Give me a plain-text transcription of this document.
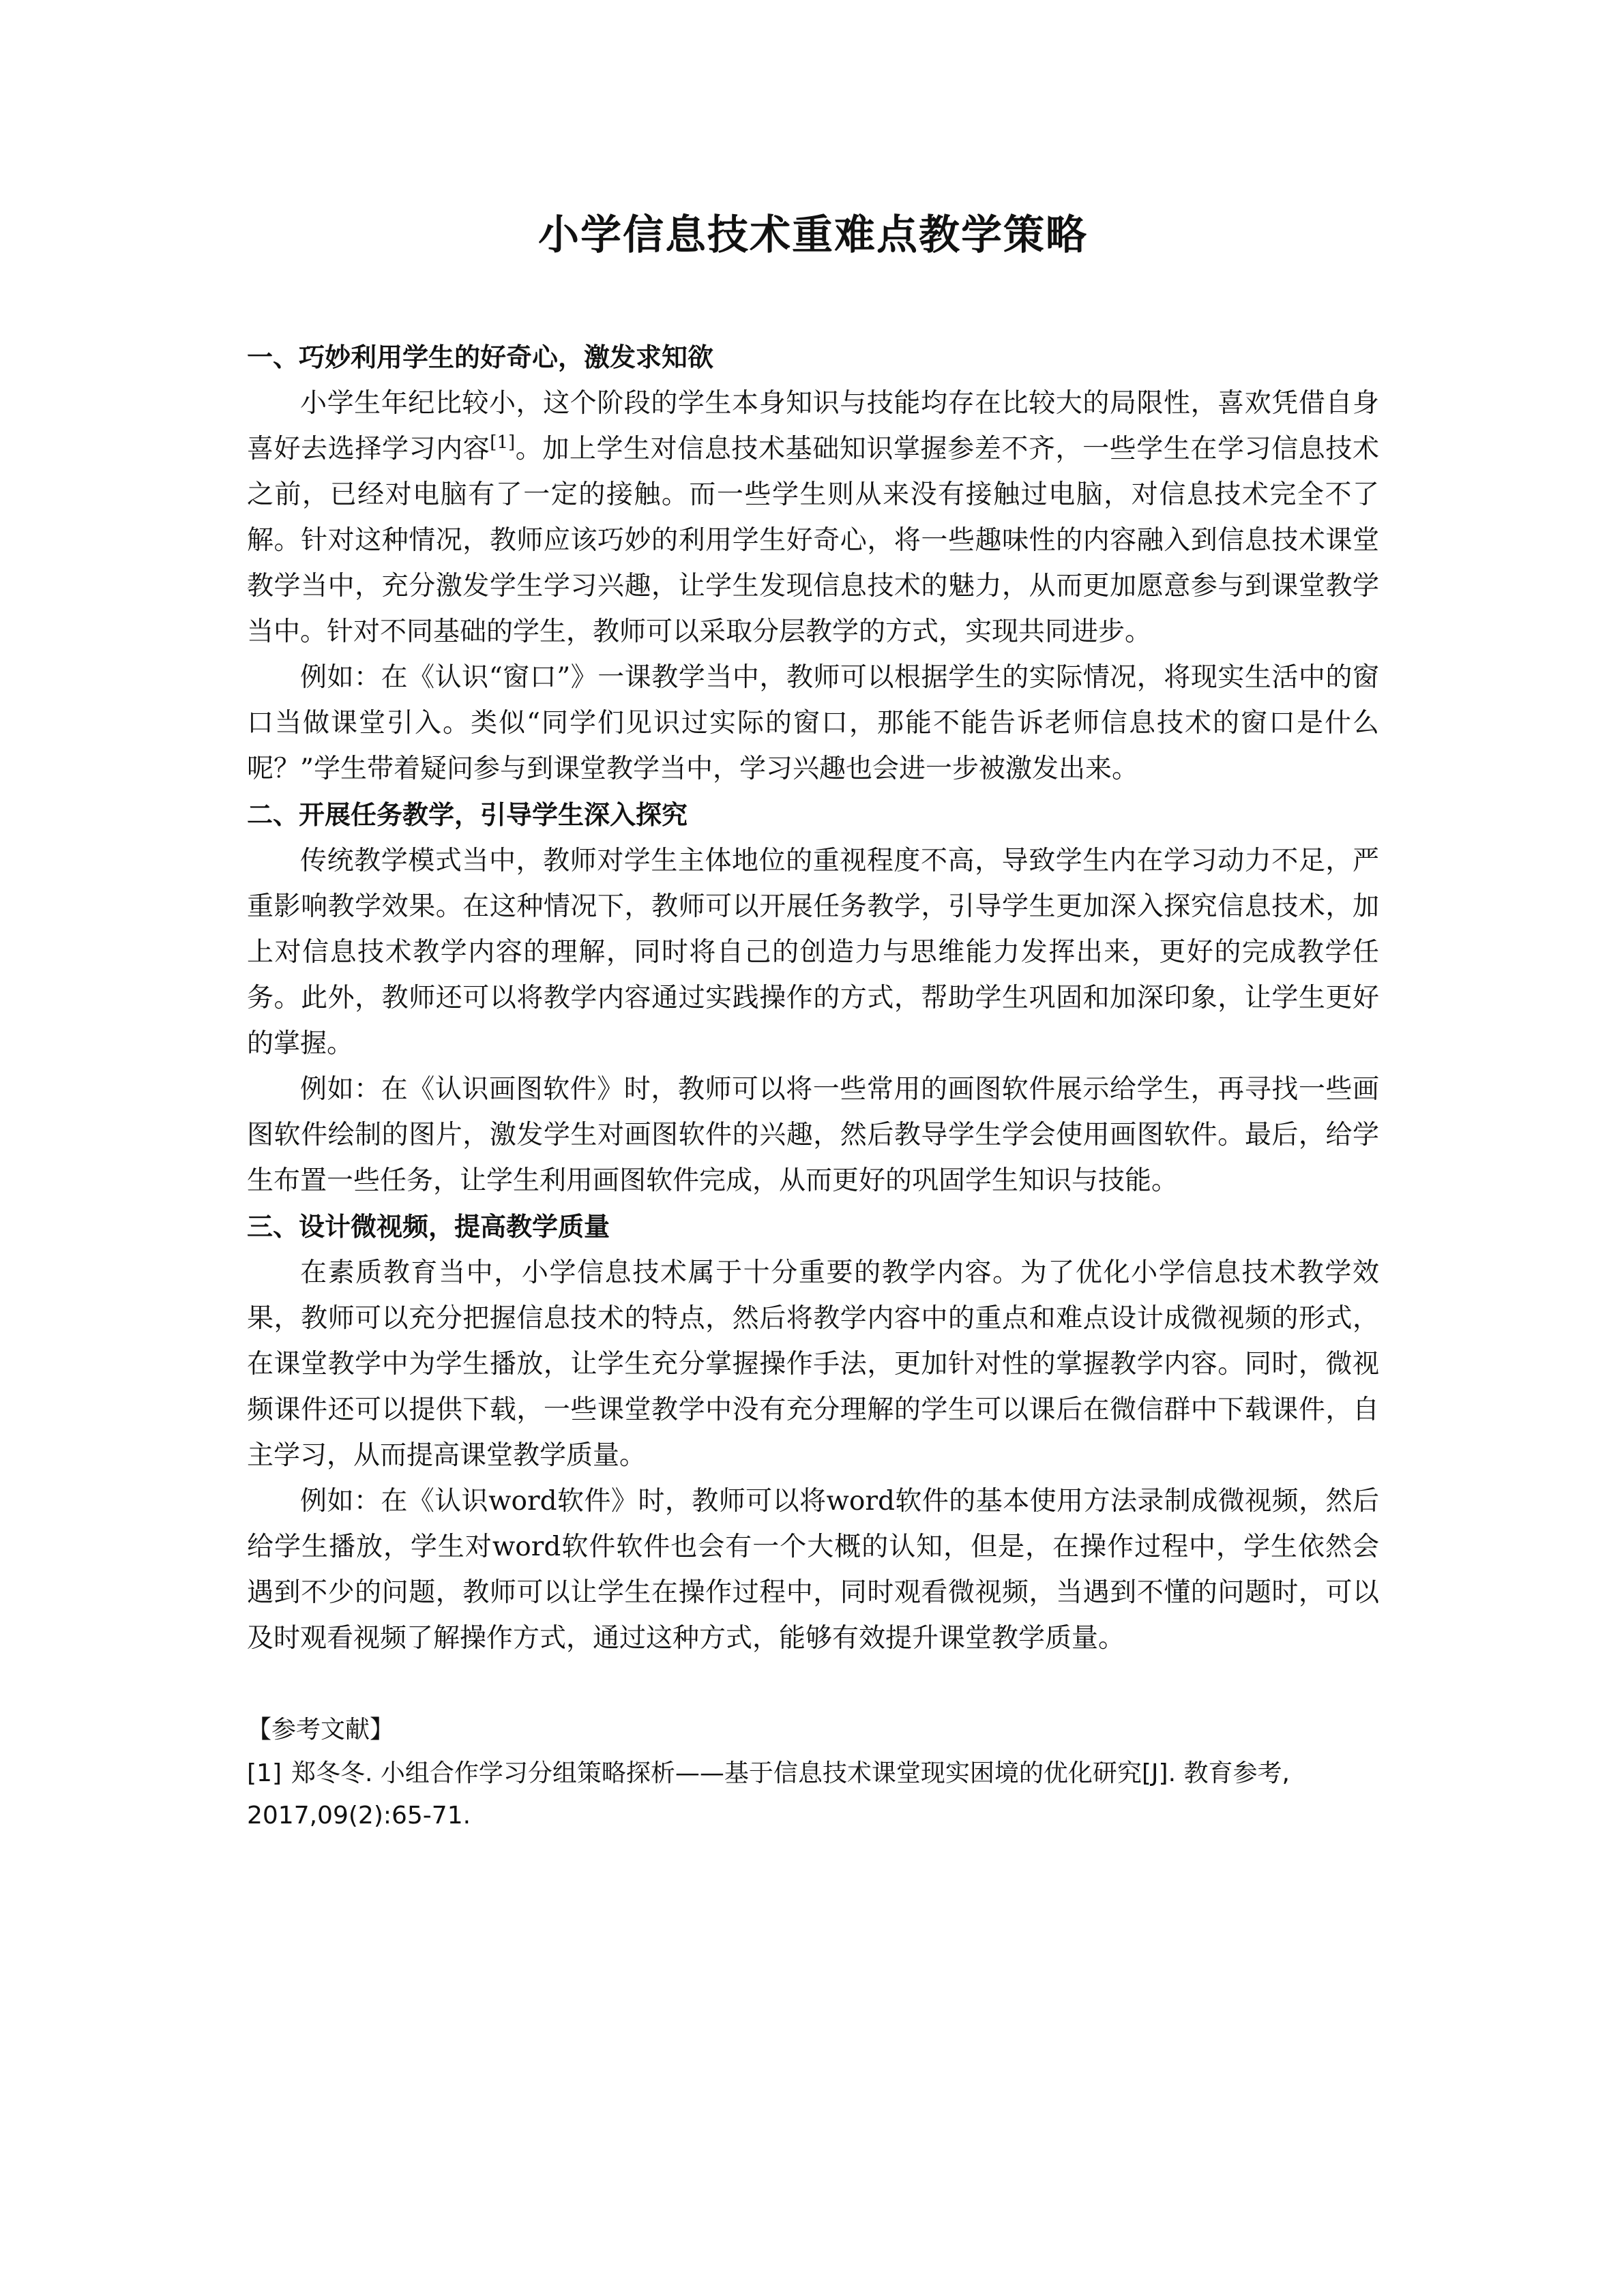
小学信息技术重难点教学策略
一、巧妙利用学生的好奇心，激发求知欲

小学生年纪比较小，这个阶段的学生本身知识与技能均存在比较大的局限性，喜欢凭借自身喜好去选择学习内容[1]。加上学生对信息技术基础知识掌握参差不齐，一些学生在学习信息技术之前，已经对电脑有了一定的接触。而一些学生则从来没有接触过电脑，对信息技术完全不了解。针对这种情况，教师应该巧妙的利用学生好奇心，将一些趣味性的内容融入到信息技术课堂教学当中，充分激发学生学习兴趣，让学生发现信息技术的魅力，从而更加愿意参与到课堂教学当中。针对不同基础的学生，教师可以采取分层教学的方式，实现共同进步。

例如：在《认识“窗口”》一课教学当中，教师可以根据学生的实际情况，将现实生活中的窗口当做课堂引入。类似“同学们见识过实际的窗口，那能不能告诉老师信息技术的窗口是什么呢？”学生带着疑问参与到课堂教学当中，学习兴趣也会进一步被激发出来。

二、开展任务教学，引导学生深入探究

传统教学模式当中，教师对学生主体地位的重视程度不高，导致学生内在学习动力不足，严重影响教学效果。在这种情况下，教师可以开展任务教学，引导学生更加深入探究信息技术，加上对信息技术教学内容的理解，同时将自己的创造力与思维能力发挥出来，更好的完成教学任务。此外，教师还可以将教学内容通过实践操作的方式，帮助学生巩固和加深印象，让学生更好的掌握。

例如：在《认识画图软件》时，教师可以将一些常用的画图软件展示给学生，再寻找一些画图软件绘制的图片，激发学生对画图软件的兴趣，然后教导学生学会使用画图软件。最后，给学生布置一些任务，让学生利用画图软件完成，从而更好的巩固学生知识与技能。

三、设计微视频，提高教学质量

在素质教育当中，小学信息技术属于十分重要的教学内容。为了优化小学信息技术教学效果，教师可以充分把握信息技术的特点，然后将教学内容中的重点和难点设计成微视频的形式，在课堂教学中为学生播放，让学生充分掌握操作手法，更加针对性的掌握教学内容。同时，微视频课件还可以提供下载，一些课堂教学中没有充分理解的学生可以课后在微信群中下载课件，自主学习，从而提高课堂教学质量。

例如：在《认识word软件》时，教师可以将word软件的基本使用方法录制成微视频，然后给学生播放，学生对word软件软件也会有一个大概的认知，但是，在操作过程中，学生依然会遇到不少的问题，教师可以让学生在操作过程中，同时观看微视频，当遇到不懂的问题时，可以及时观看视频了解操作方式，通过这种方式，能够有效提升课堂教学质量。

【参考文献】

[1] 郑冬冬. 小组合作学习分组策略探析——基于信息技术课堂现实困境的优化研究[J]. 教育参考, 2017,09(2):65-71.
